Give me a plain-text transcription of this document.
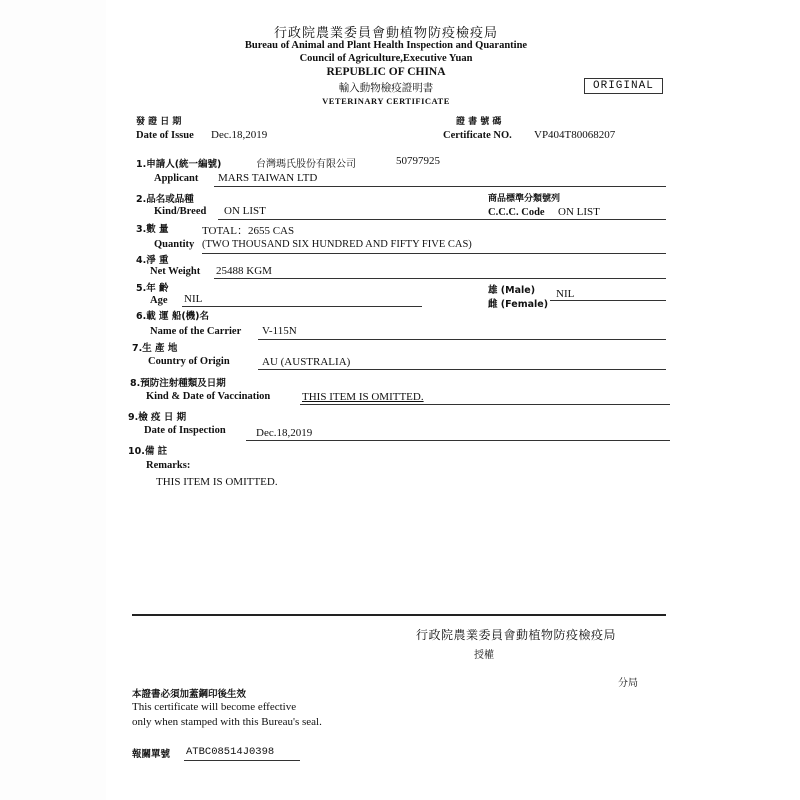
行政院農業委員會動植物防疫檢疫局
Bureau of Animal and Plant Health Inspection and Quarantine
Council of Agriculture,Executive Yuan
REPUBLIC OF CHINA
輸入動物檢疫證明書
VETERINARY CERTIFICATE
ORIGINAL
發 證 日 期
Date of Issue Dec.18,2019
證 書 號 碼
Certificate NO. VP404T80068207
1.申請人(統一編號)	台灣瑪氏股份有限公司	50797925
Applicant MARS TAIWAN LTD
2.品名或品種
Kind/Breed ON LIST
商品標準分類號列
C.C.C. Code ON LIST
3.數 量	TOTAL：2655 CAS
Quantity (TWO THOUSAND SIX HUNDRED AND FIFTY FIVE CAS)
4.淨 重
Net Weight 25488 KGM
5.年 齡
Age NIL
雄 (Male)
雌 (Female)
NIL
6.載 運 船(機)名
Name of the Carrier V-115N
7.生 產 地
Country of Origin	AU (AUSTRALIA)
8.預防注射種類及日期
Kind & Date of Vaccination	THIS ITEM IS OMITTED.
9.檢 疫 日 期
Date of Inspection	Dec.18,2019
10.備 註
Remarks:
THIS ITEM IS OMITTED.
行政院農業委員會動植物防疫檢疫局
授權
分局
本證書必須加蓋鋼印後生效
This certificate will become effective
only when stamped with this Bureau's seal.
報關單號 ATBC08514J0398
